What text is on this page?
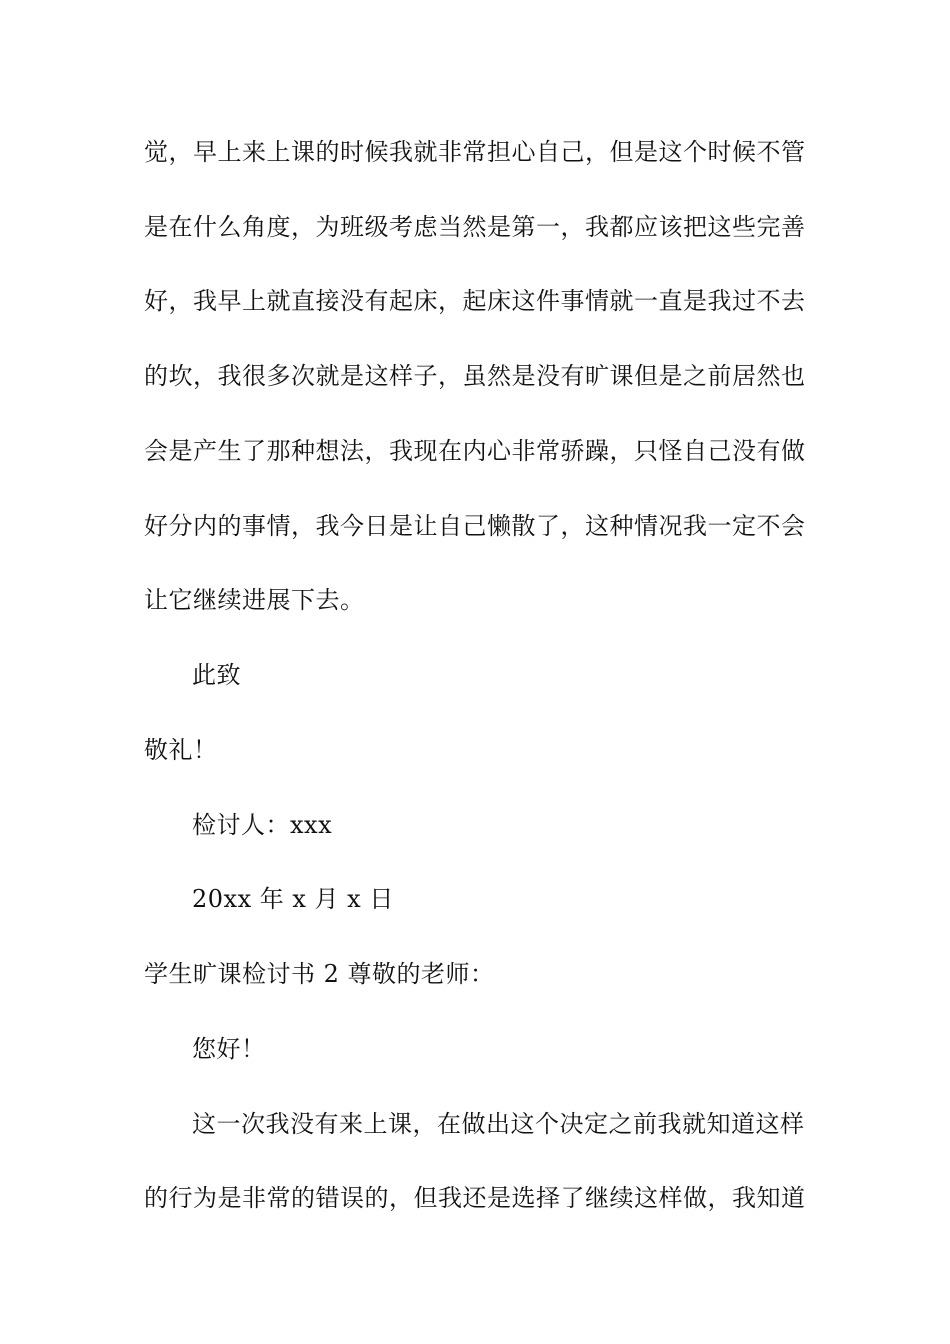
觉，早上来上课的时候我就非常担心自己，但是这个时候不管
是在什么角度，为班级考虑当然是第一，我都应该把这些完善
好，我早上就直接没有起床，起床这件事情就一直是我过不去
的坎，我很多次就是这样子，虽然是没有旷课但是之前居然也
会是产生了那种想法，我现在内心非常骄躁，只怪自己没有做
好分内的事情，我今日是让自己懒散了，这种情况我一定不会
让它继续进展下去。
此致
敬礼！
检讨人：xxx
20xx 年 x 月 x 日
学生旷课检讨书 2 尊敬的老师：
您好！
这一次我没有来上课，在做出这个决定之前我就知道这样
的行为是非常的错误的，但我还是选择了继续这样做，我知道
